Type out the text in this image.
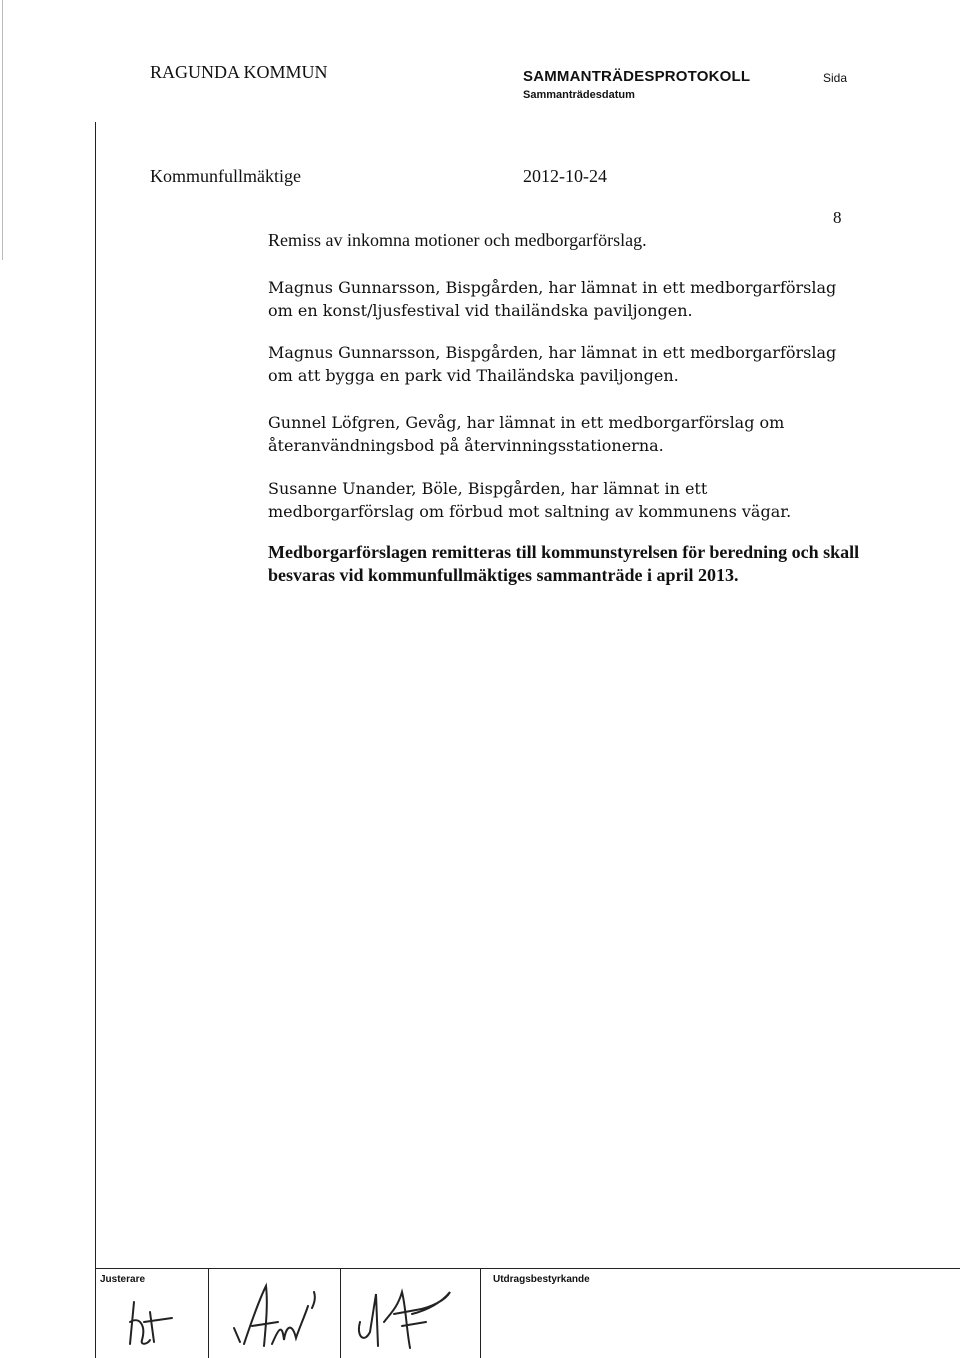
RAGUNDA KOMMUN	SAMMANTRÄDESPROTOKOLL
Sammanträdesdatum
Sida
Kommunfullmäktige	2012-10-24
8
Remiss av inkomna motioner och medborgarförslag.
Magnus Gunnarsson, Bispgården, har lämnat in ett medborgarförslag om en konst/ljusfestival vid thailändska paviljongen.
Magnus Gunnarsson, Bispgården, har lämnat in ett medborgarförslag om att bygga en park vid Thailändska paviljongen.
Gunnel Löfgren, Gevåg, har lämnat in ett medborgarförslag om återanvändningsbod på återvinningsstationerna.
Susanne Unander, Böle, Bispgården, har lämnat in ett medborgarförslag om förbud mot saltning av kommunens vägar.
Medborgarförslagen remitteras till kommunstyrelsen för beredning och skall besvaras vid kommunfullmäktiges sammanträde i april 2013.
Justerare	Utdragsbestyrkande
